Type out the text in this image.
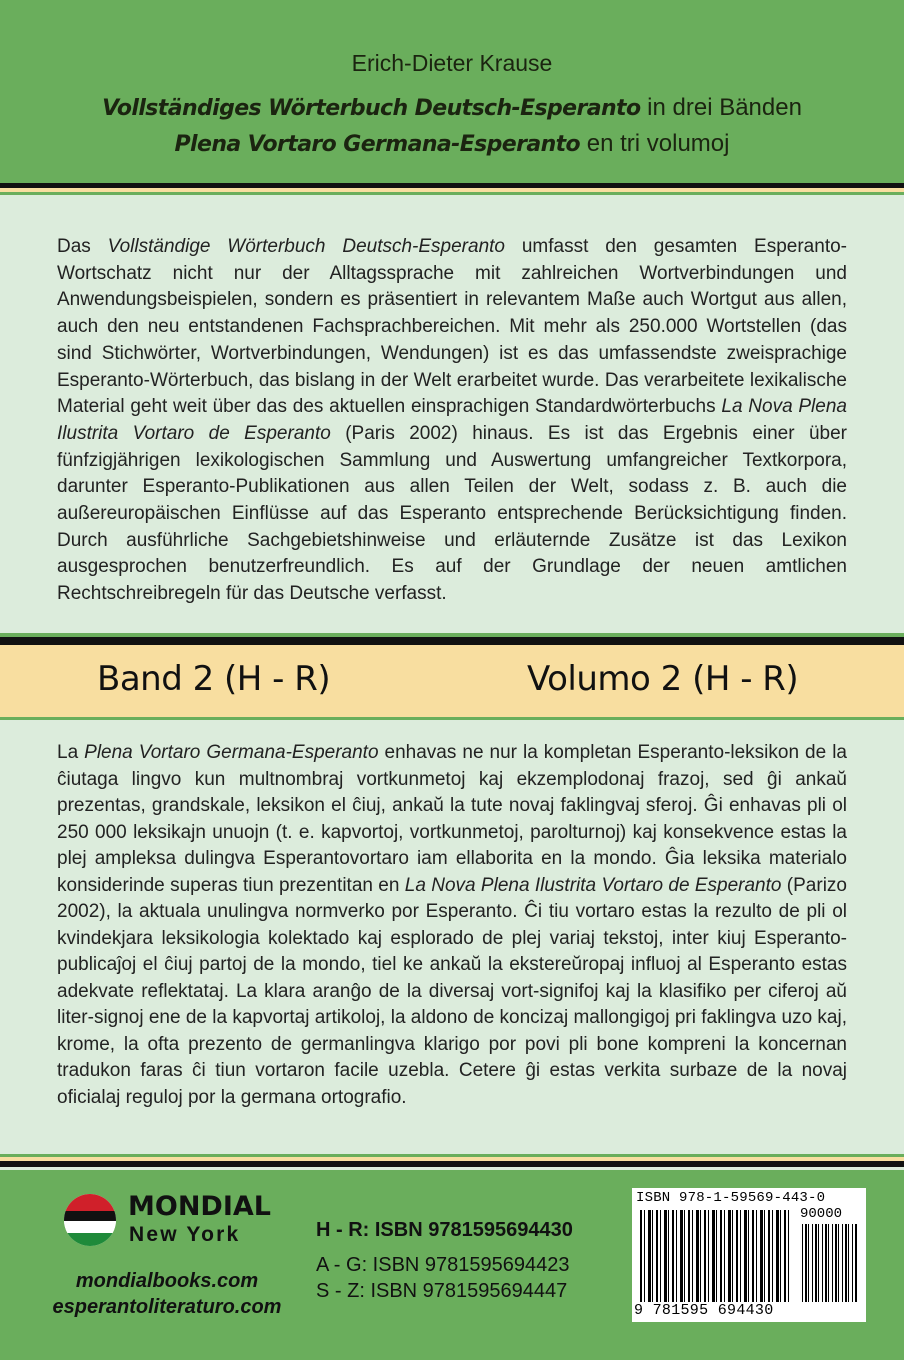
Erich-Dieter Krause
Vollständiges Wörterbuch Deutsch-Esperanto in drei Bänden
Plena Vortaro Germana-Esperanto en tri volumoj
Das Vollständige Wörterbuch Deutsch-Esperanto umfasst den gesamten Esperanto-Wortschatz nicht nur der Alltagssprache mit zahlreichen Wortverbindungen und Anwendungsbeispielen, sondern es präsentiert in relevantem Maße auch Wortgut aus allen, auch den neu entstandenen Fachsprachbereichen. Mit mehr als 250.000 Wortstellen (das sind Stichwörter, Wortverbindungen, Wendungen) ist es das umfassendste zweisprachige Esperanto-Wörterbuch, das bislang in der Welt erarbeitet wurde. Das verarbeitete lexikalische Material geht weit über das des aktuellen einsprachigen Standardwörterbuchs La Nova Plena Ilustrita Vortaro de Esperanto (Paris 2002) hinaus. Es ist das Ergebnis einer über fünfzigjährigen lexikologischen Sammlung und Auswertung umfangreicher Textkorpora, darunter Esperanto-Publikationen aus allen Teilen der Welt, sodass z. B. auch die außereuropäischen Einflüsse auf das Esperanto entsprechende Berücksichtigung finden. Durch ausführliche Sachgebietshinweise und erläuternde Zusätze ist das Lexikon ausgesprochen benutzerfreundlich. Es auf der Grundlage der neuen amtlichen Rechtschreibregeln für das Deutsche verfasst.
Band 2 (H - R)	Volumo 2 (H - R)
La Plena Vortaro Germana-Esperanto enhavas ne nur la kompletan Esperanto-leksikon de la ĉiutaga lingvo kun multnombraj vortkunmetoj kaj ekzemplodonaj frazoj, sed ĝi ankaŭ prezentas, grandskale, leksikon el ĉiuj, ankaŭ la tute novaj faklingvaj sferoj. Ĝi enhavas pli ol 250 000 leksikajn unuojn (t. e. kapvortoj, vortkunmetoj, parolturnoj) kaj konsekvence estas la plej ampleksa dulingva Esperantovortaro iam ellaborita en la mondo. Ĝia leksika materialo konsiderinde superas tiun prezentitan en La Nova Plena Ilustrita Vortaro de Esperanto (Parizo 2002), la aktuala unulingva normverko por Esperanto. Ĉi tiu vortaro estas la rezulto de pli ol kvindekjara leksikologia kolektado kaj esplorado de plej variaj tekstoj, inter kiuj Esperanto-publicaĵoj el ĉiuj partoj de la mondo, tiel ke ankaŭ la ekstereŭropaj influoj al Esperanto estas adekvate reflektataj. La klara aranĝo de la diversaj vort-signifoj kaj la klasifiko per ciferoj aŭ liter-signoj ene de la kapvortaj artikoloj, la aldono de koncizaj mallongigoj pri faklingva uzo kaj, krome, la ofta prezento de germanlingva klarigo por povi pli bone kompreni la koncernan tradukon faras ĉi tiun vortaron facile uzebla. Cetere ĝi estas verkita surbaze de la novaj oficialaj reguloj por la germana ortografio.
MONDIAL
New York
mondialbooks.com
esperantoliteraturo.com
H - R: ISBN 9781595694430
A - G: ISBN 9781595694423
S - Z: ISBN 9781595694447
ISBN 978-1-59569-443-0
90000
9 781595 694430
